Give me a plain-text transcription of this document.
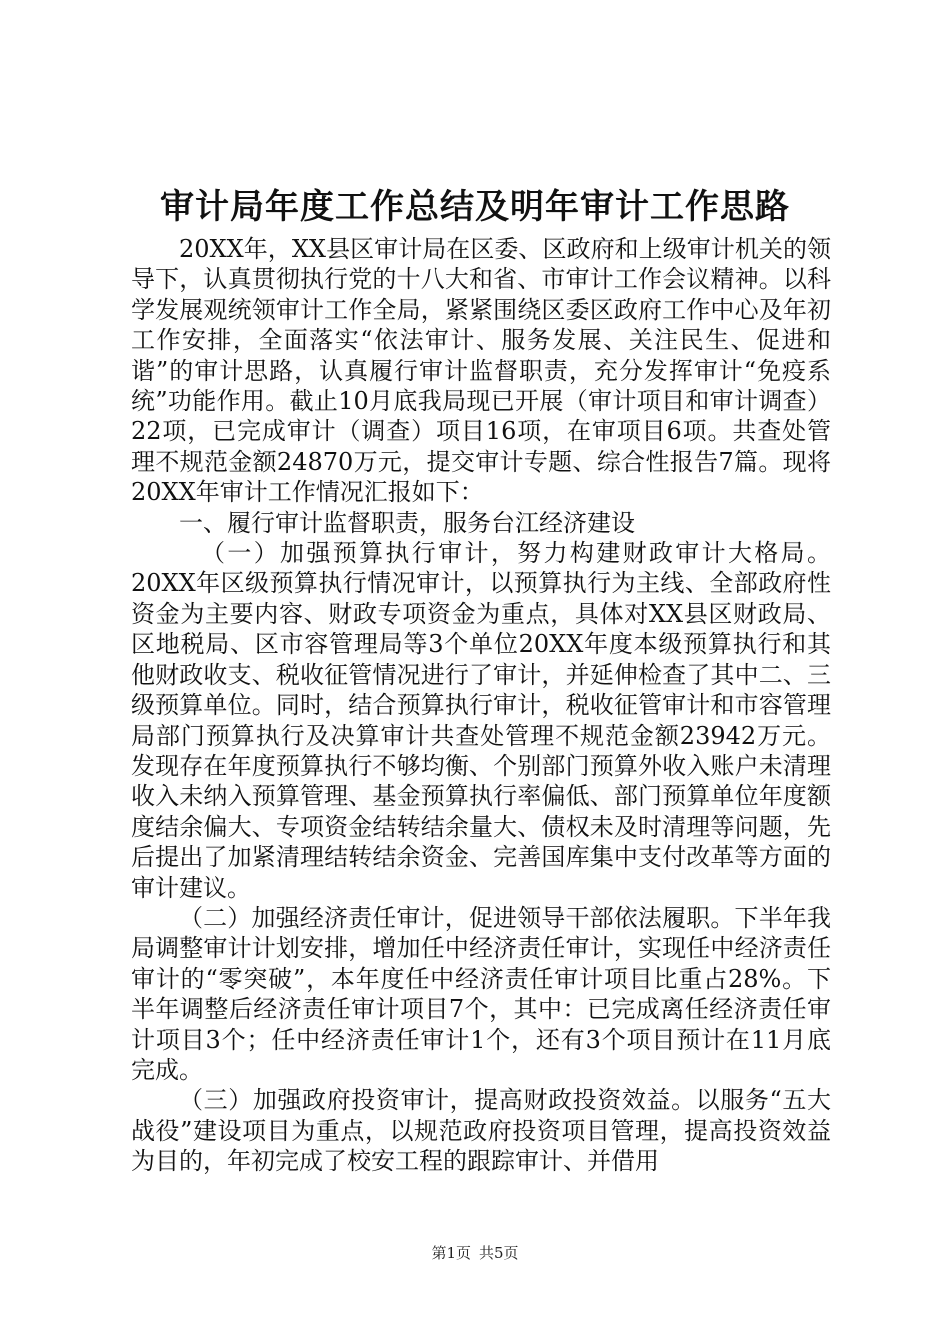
审计局年度工作总结及明年审计工作思路

20XX年，XX县区审计局在区委、区政府和上级审计机关的领导下，认真贯彻执行党的十八大和省、市审计工作会议精神。以科学发展观统领审计工作全局，紧紧围绕区委区政府工作中心及年初工作安排，全面落实“依法审计、服务发展、关注民生、促进和谐”的审计思路，认真履行审计监督职责，充分发挥审计“免疫系统”功能作用。截止10月底我局现已开展（审计项目和审计调查）22项，已完成审计（调查）项目16项，在审项目6项。共查处管理不规范金额24870万元，提交审计专题、综合性报告7篇。现将20XX年审计工作情况汇报如下：

一、履行审计监督职责，服务台江经济建设

（一）加强预算执行审计，努力构建财政审计大格局。20XX年区级预算执行情况审计，以预算执行为主线、全部政府性资金为主要内容、财政专项资金为重点，具体对XX县区财政局、区地税局、区市容管理局等3个单位20XX年度本级预算执行和其他财政收支、税收征管情况进行了审计，并延伸检查了其中二、三级预算单位。同时，结合预算执行审计，税收征管审计和市容管理局部门预算执行及决算审计共查处管理不规范金额23942万元。发现存在年度预算执行不够均衡、个别部门预算外收入账户未清理收入未纳入预算管理、基金预算执行率偏低、部门预算单位年度额度结余偏大、专项资金结转结余量大、债权未及时清理等问题，先后提出了加紧清理结转结余资金、完善国库集中支付改革等方面的审计建议。

（二）加强经济责任审计，促进领导干部依法履职。下半年我局调整审计计划安排，增加任中经济责任审计，实现任中经济责任审计的“零突破”，本年度任中经济责任审计项目比重占28%。下半年调整后经济责任审计项目7个，其中：已完成离任经济责任审计项目3个；任中经济责任审计1个，还有3个项目预计在11月底完成。

（三）加强政府投资审计，提高财政投资效益。以服务“五大战役”建设项目为重点，以规范政府投资项目管理，提高投资效益为目的，年初完成了校安工程的跟踪审计、并借用

第1页 共5页
